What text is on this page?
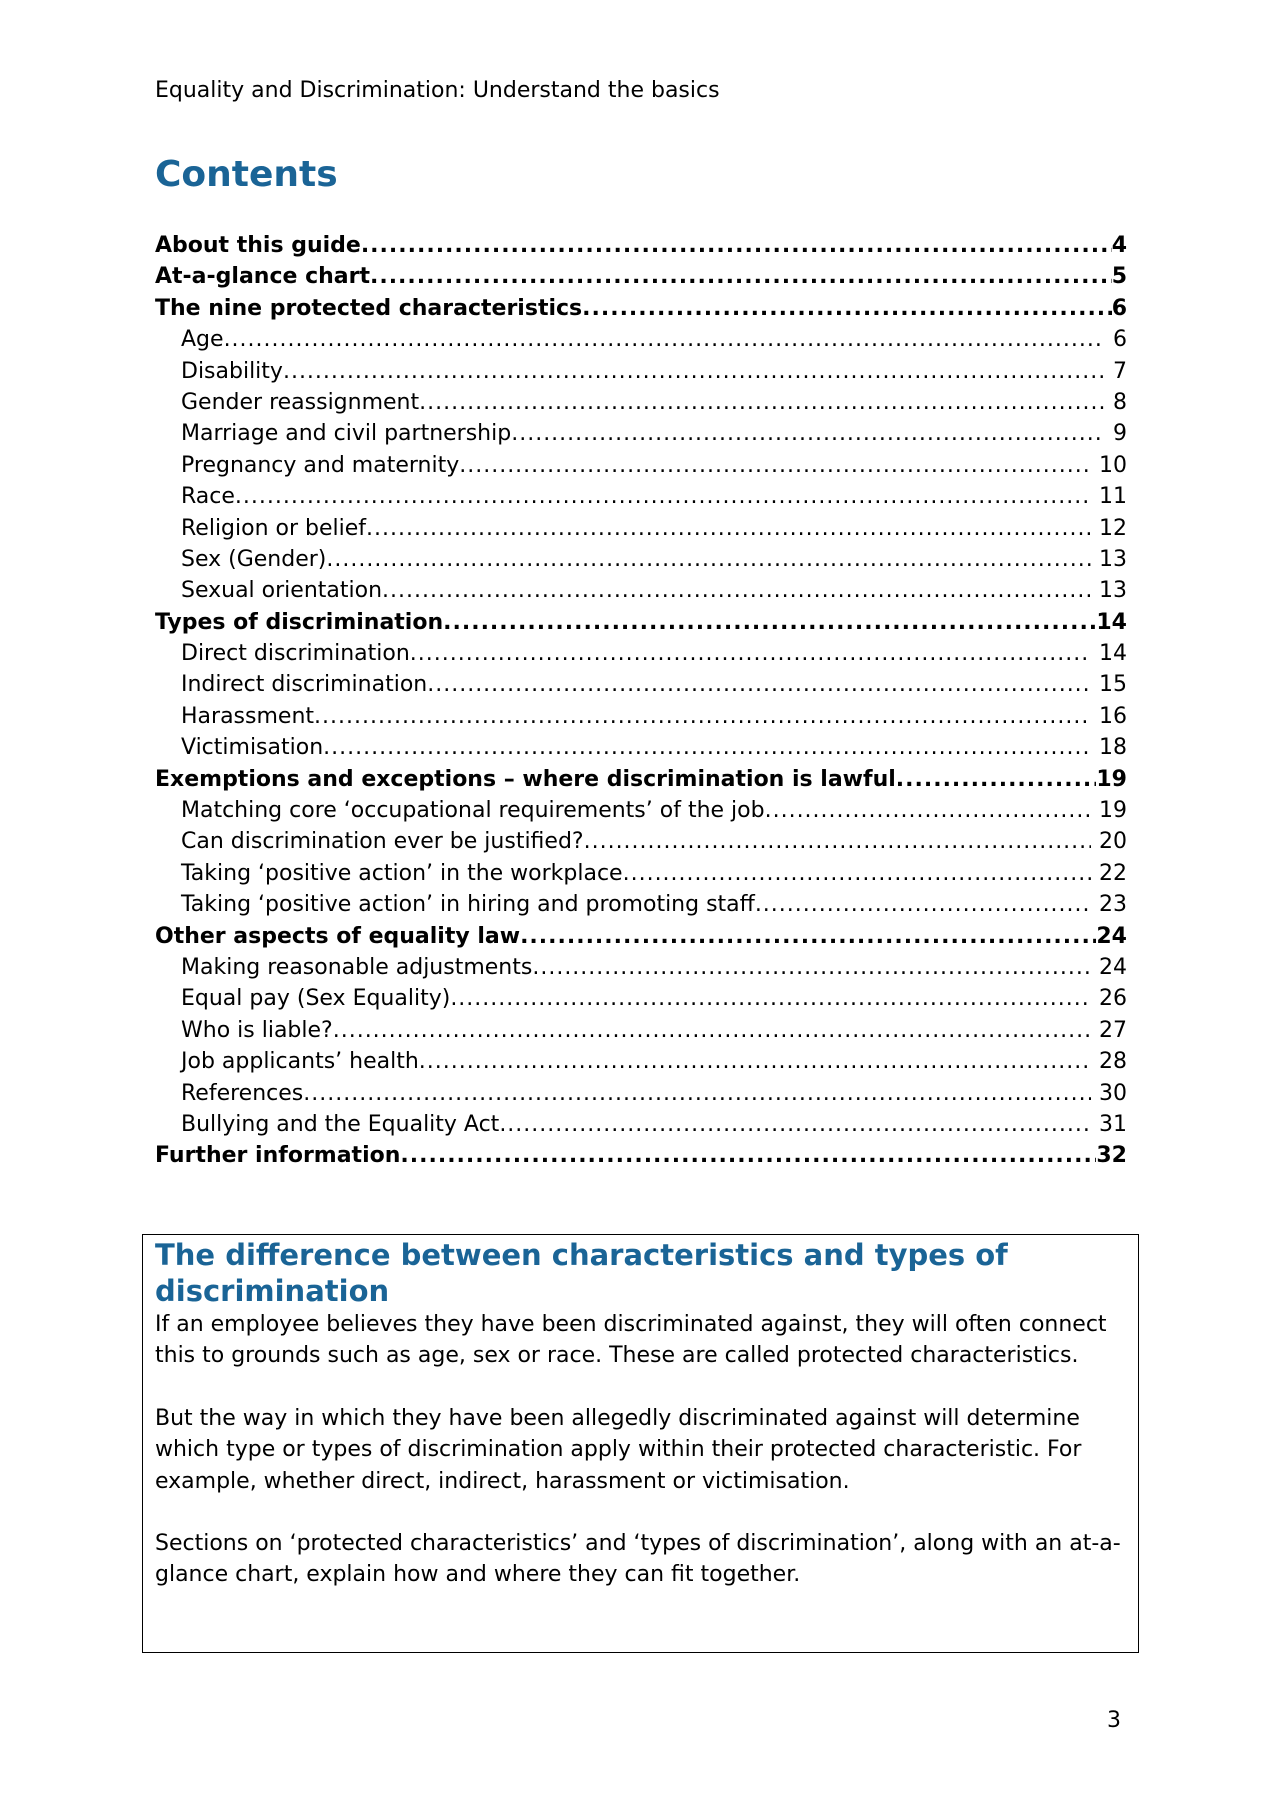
Equality and Discrimination: Understand the basics
Contents
About this guide .....	4
At-a-glance chart .....	5
The nine protected characteristics .....	6
Age .....	6
Disability .....	7
Gender reassignment .....	8
Marriage and civil partnership .....	9
Pregnancy and maternity .....	10
Race .....	11
Religion or belief .....	12
Sex (Gender) .....	13
Sexual orientation .....	13
Types of discrimination .....	14
Direct discrimination .....	14
Indirect discrimination .....	15
Harassment .....	16
Victimisation .....	18
Exemptions and exceptions – where discrimination is lawful .....	19
Matching core ‘occupational requirements’ of the job .....	19
Can discrimination ever be justified? .....	20
Taking ‘positive action’ in the workplace .....	22
Taking ‘positive action’ in hiring and promoting staff .....	23
Other aspects of equality law .....	24
Making reasonable adjustments .....	24
Equal pay (Sex Equality) .....	26
Who is liable? .....	27
Job applicants’ health .....	28
References .....	30
Bullying and the Equality Act .....	31
Further information .....	32
The difference between characteristics and types of discrimination

If an employee believes they have been discriminated against, they will often connect this to grounds such as age, sex or race. These are called protected characteristics.

But the way in which they have been allegedly discriminated against will determine which type or types of discrimination apply within their protected characteristic. For example, whether direct, indirect, harassment or victimisation.

Sections on ‘protected characteristics’ and ‘types of discrimination’, along with an at-a-glance chart, explain how and where they can fit together.

3
